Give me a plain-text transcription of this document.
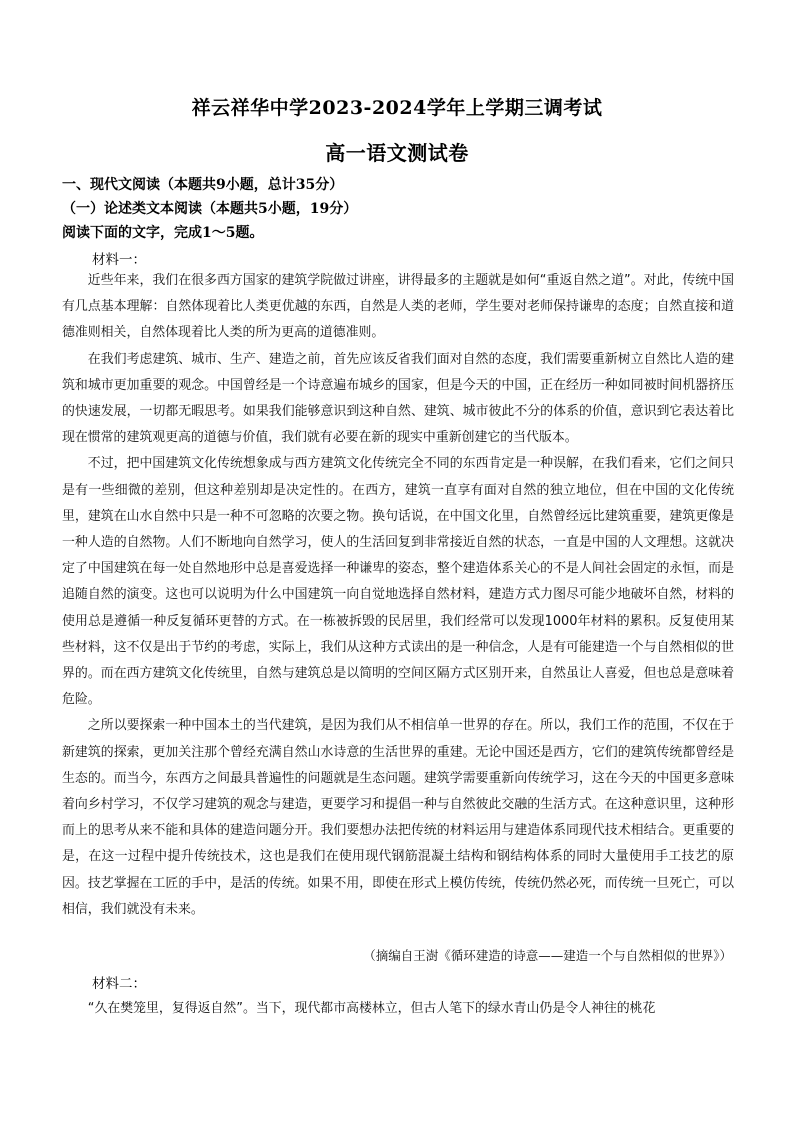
祥云祥华中学2023-2024学年上学期三调考试
高一语文测试卷
一、现代文阅读（本题共9小题，总计35分）
（一）论述类文本阅读（本题共5小题，19分）
阅读下面的文字，完成1～5题。
材料一：

近些年来，我们在很多西方国家的建筑学院做过讲座，讲得最多的主题就是如何“重返自然之道”。对此，传统中国有几点基本理解：自然体现着比人类更优越的东西，自然是人类的老师，学生要对老师保持谦卑的态度；自然直接和道德准则相关，自然体现着比人类的所为更高的道德准则。

在我们考虑建筑、城市、生产、建造之前，首先应该反省我们面对自然的态度，我们需要重新树立自然比人造的建筑和城市更加重要的观念。中国曾经是一个诗意遍布城乡的国家，但是今天的中国，正在经历一种如同被时间机器挤压的快速发展，一切都无暇思考。如果我们能够意识到这种自然、建筑、城市彼此不分的体系的价值，意识到它表达着比现在惯常的建筑观更高的道德与价值，我们就有必要在新的现实中重新创建它的当代版本。

不过，把中国建筑文化传统想象成与西方建筑文化传统完全不同的东西肯定是一种误解，在我们看来，它们之间只是有一些细微的差别，但这种差别却是决定性的。在西方，建筑一直享有面对自然的独立地位，但在中国的文化传统里，建筑在山水自然中只是一种不可忽略的次要之物。换句话说，在中国文化里，自然曾经远比建筑重要，建筑更像是一种人造的自然物。人们不断地向自然学习，使人的生活回复到非常接近自然的状态，一直是中国的人文理想。这就决定了中国建筑在每一处自然地形中总是喜爱选择一种谦卑的姿态，整个建造体系关心的不是人间社会固定的永恒，而是追随自然的演变。这也可以说明为什么中国建筑一向自觉地选择自然材料，建造方式力图尽可能少地破坏自然，材料的使用总是遵循一种反复循环更替的方式。在一栋被拆毁的民居里，我们经常可以发现1000年材料的累积。反复使用某些材料，这不仅是出于节约的考虑，实际上，我们从这种方式读出的是一种信念，人是有可能建造一个与自然相似的世界的。而在西方建筑文化传统里，自然与建筑总是以简明的空间区隔方式区别开来，自然虽让人喜爱，但也总是意味着危险。

之所以要探索一种中国本土的当代建筑，是因为我们从不相信单一世界的存在。所以，我们工作的范围，不仅在于新建筑的探索，更加关注那个曾经充满自然山水诗意的生活世界的重建。无论中国还是西方，它们的建筑传统都曾经是生态的。而当今，东西方之间最具普遍性的问题就是生态问题。建筑学需要重新向传统学习，这在今天的中国更多意味着向乡村学习，不仅学习建筑的观念与建造，更要学习和提倡一种与自然彼此交融的生活方式。在这种意识里，这种形而上的思考从来不能和具体的建造问题分开。我们要想办法把传统的材料运用与建造体系同现代技术相结合。更重要的是，在这一过程中提升传统技术，这也是我们在使用现代钢筋混凝土结构和钢结构体系的同时大量使用手工技艺的原因。技艺掌握在工匠的手中，是活的传统。如果不用，即使在形式上模仿传统，传统仍然必死，而传统一旦死亡，可以相信，我们就没有未来。

（摘编自王澍《循环建造的诗意——建造一个与自然相似的世界》）
材料二：

“久在樊笼里，复得返自然”。当下，现代都市高楼林立，但古人笔下的绿水青山仍是令人神往的桃花
